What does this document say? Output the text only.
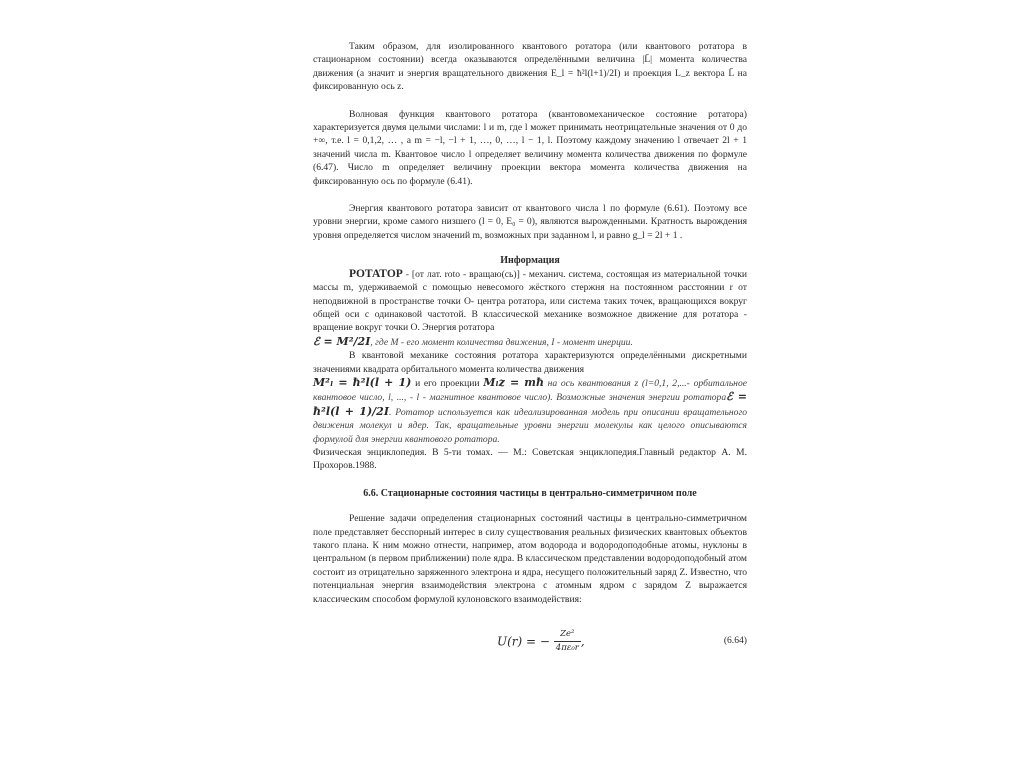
Таким образом, для изолированного квантового ротатора (или квантового ротатора в стационарном состоянии) всегда оказываются определёнными величина |L̄| момента количества движения (а значит и энергия вращательного движения E_l = ħ²l(l+1)/2I) и проекция L_z вектора L̄ на фиксированную ось z.

Волновая функция квантового ротатора (квантовомеханическое состояние ротатора) характеризуется двумя целыми числами: l и m, где l может принимать неотрицательные значения от 0 до +∞, т.е. l = 0,1,2, … , а m = −l, −l + 1, …, 0, …, l − 1, l. Поэтому каждому значению l отвечает 2l + 1 значений числа m. Квантовое число l определяет величину момента количества движения по формуле (6.47). Число m определяет величину проекции вектора момента количества движения на фиксированную ось по формуле (6.41).

Энергия квантового ротатора зависит от квантового числа l по формуле (6.61). Поэтому все уровни энергии, кроме самого низшего (l = 0, E₀ = 0), являются вырожденными. Кратность вырождения уровня определяется числом значений m, возможных при заданном l, и равно g_l = 2l + 1 .

Информация

РОТАТОР - [от лат. roto - вращаю(сь)] - механич. система, состоящая из материальной точки массы m, удерживаемой с помощью невесомого жёсткого стержня на постоянном расстоянии r от неподвижной в пространстве точки O- центра ротатора, или система таких точек, вращающихся вокруг общей оси с одинаковой частотой. В классической механике возможное движение для ротатора - вращение вокруг точки O. Энергия ротатора

ℰ = M²/2I, где M - его момент количества движения, I - момент инерции.

В квантовой механике состояния ротатора характеризуются определёнными дискретными значениями квадрата орбитального момента количества движения

M²ₗ = ħ²l(l + 1) и его проекции Mₗz = mħ на ось квантования z (l=0,1, 2,...- орбитальное квантовое число, l, ..., - l - магнитное квантовое число). Возможные значения энергии ротатораℰ = ħ²l(l + 1)/2I. Ротатор используется как идеализированная модель при описании вращательного движения молекул и ядер. Так, вращательные уровни энергии молекулы как целого описываются формулой для энергии квантового ротатора.

Физическая энциклопедия. В 5-ти томах. — М.: Советская энциклопедия.Главный редактор А. М. Прохоров.1988.

6.6. Стационарные состояния частицы в центрально-симметричном поле

Решение задачи определения стационарных состояний частицы в центрально-симметричном поле представляет бесспорный интерес в силу существования реальных физических квантовых объектов такого плана. К ним можно отнести, например, атом водорода и водородоподобные атомы, нуклоны в центральном (в первом приближении) поле ядра. В классическом представлении водородоподобный атом состоит из отрицательно заряженного электрона и ядра, несущего положительный заряд Z. Известно, что потенциальная энергия взаимодействия электрона с атомным ядром с зарядом Z выражается классическим способом формулой кулоновского взаимодействия:

U(r) = − $\frac{\text{Ze²}}{\text{4πε₀r}}$ ,	(6.64)
